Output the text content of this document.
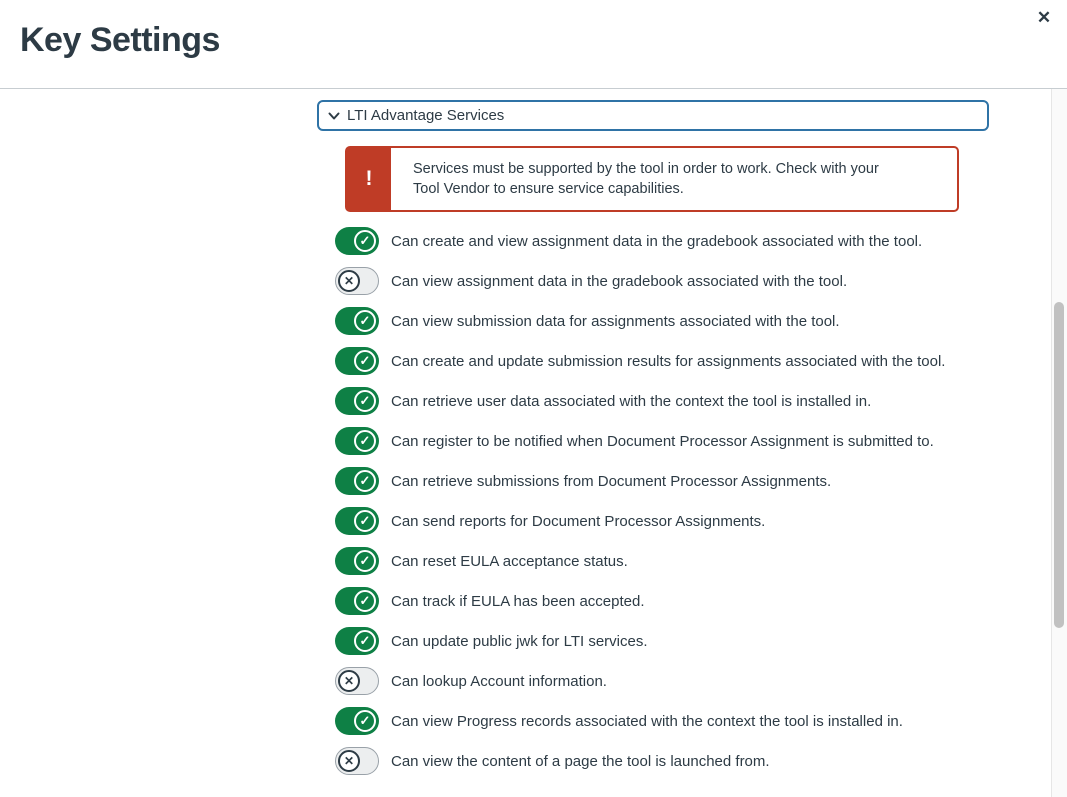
Key Settings
✕
LTI Advantage Services
!	Services must be supported by the tool in order to work. Check with your Tool Vendor to ensure service capabilities.
✓	Can create and view assignment data in the gradebook associated with the tool.
✕	Can view assignment data in the gradebook associated with the tool.
✓	Can view submission data for assignments associated with the tool.
✓	Can create and update submission results for assignments associated with the tool.
✓	Can retrieve user data associated with the context the tool is installed in.
✓	Can register to be notified when Document Processor Assignment is submitted to.
✓	Can retrieve submissions from Document Processor Assignments.
✓	Can send reports for Document Processor Assignments.
✓	Can reset EULA acceptance status.
✓	Can track if EULA has been accepted.
✓	Can update public jwk for LTI services.
✕	Can lookup Account information.
✓	Can view Progress records associated with the context the tool is installed in.
✕	Can view the content of a page the tool is launched from.
